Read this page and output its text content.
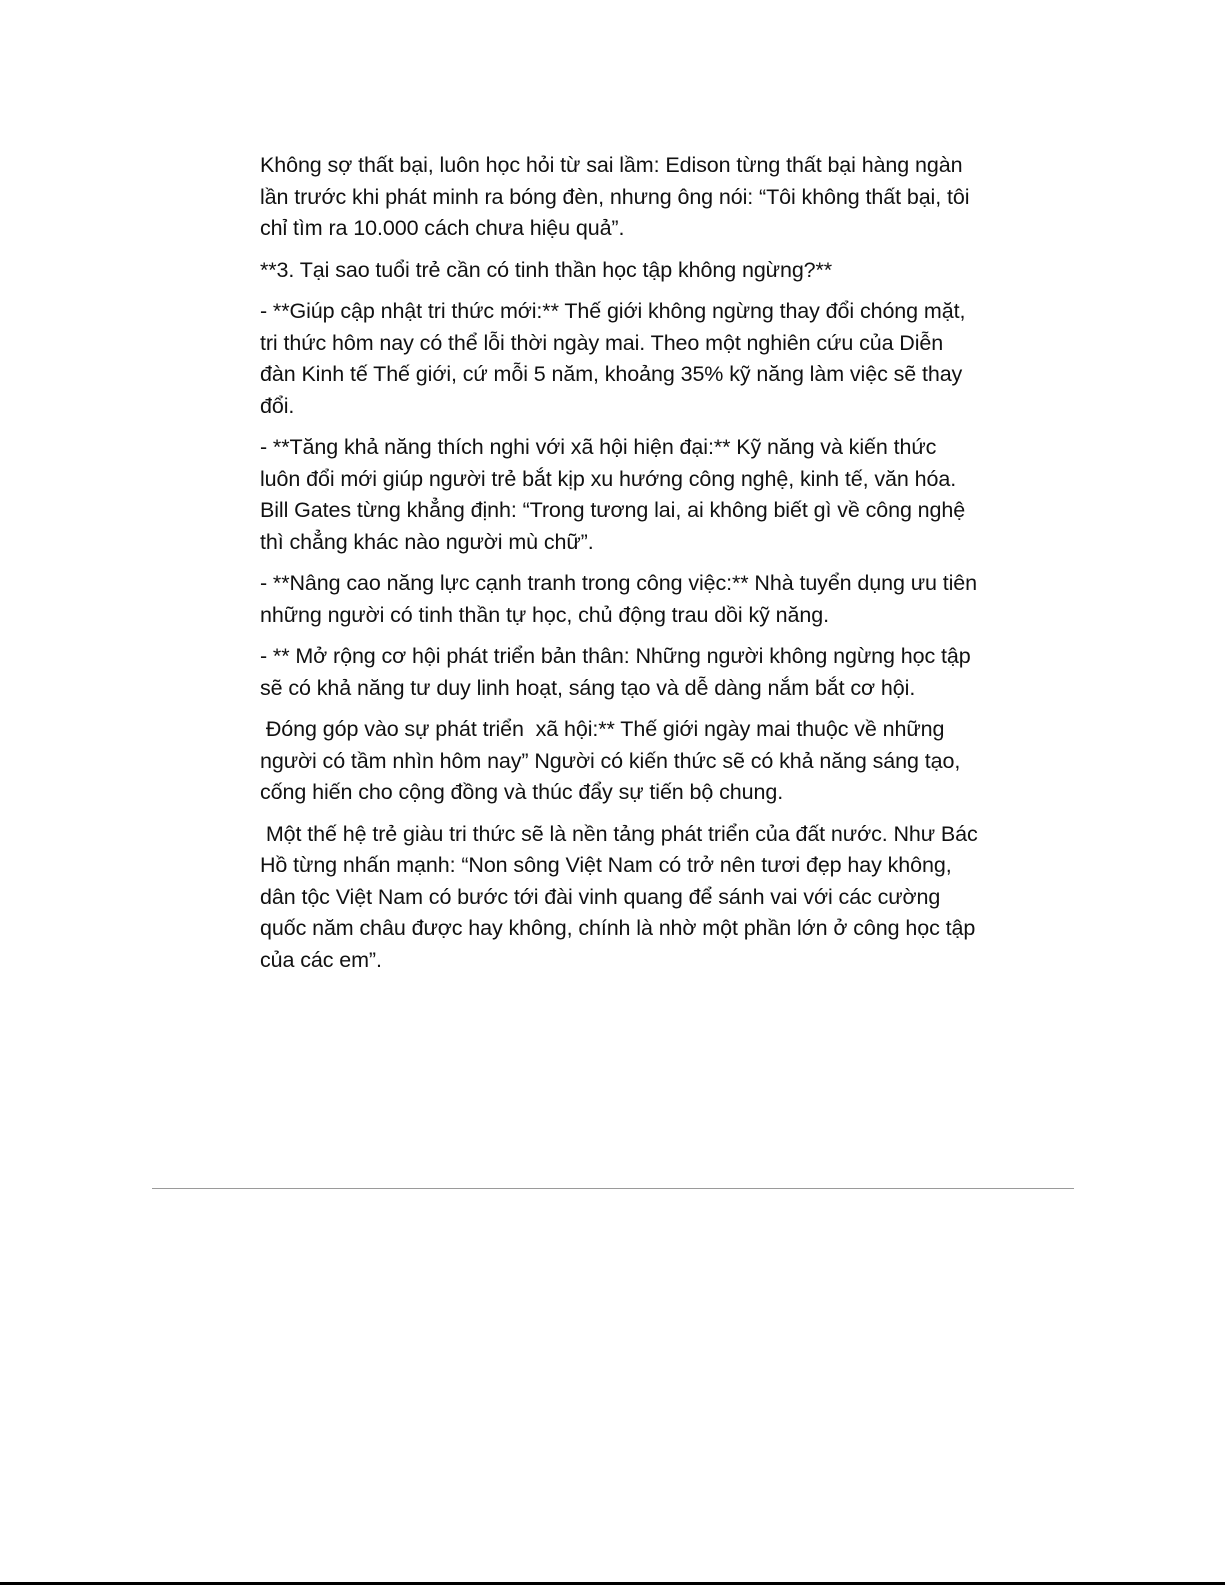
Không sợ thất bại, luôn học hỏi từ sai lầm: Edison từng thất bại hàng ngàn lần trước khi phát minh ra bóng đèn, nhưng ông nói: “Tôi không thất bại, tôi chỉ tìm ra 10.000 cách chưa hiệu quả”.

**3. Tại sao tuổi trẻ cần có tinh thần học tập không ngừng?**

- **Giúp cập nhật tri thức mới:** Thế giới không ngừng thay đổi chóng mặt, tri thức hôm nay có thể lỗi thời ngày mai. Theo một nghiên cứu của Diễn đàn Kinh tế Thế giới, cứ mỗi 5 năm, khoảng 35% kỹ năng làm việc sẽ thay đổi.

- **Tăng khả năng thích nghi với xã hội hiện đại:** Kỹ năng và kiến thức luôn đổi mới giúp người trẻ bắt kịp xu hướng công nghệ, kinh tế, văn hóa. Bill Gates từng khẳng định: “Trong tương lai, ai không biết gì về công nghệ thì chẳng khác nào người mù chữ”.

- **Nâng cao năng lực cạnh tranh trong công việc:** Nhà tuyển dụng ưu tiên những người có tinh thần tự học, chủ động trau dồi kỹ năng.

- ** Mở rộng cơ hội phát triển bản thân: Những người không ngừng học tập sẽ có khả năng tư duy linh hoạt, sáng tạo và dễ dàng nắm bắt cơ hội.

Đóng góp vào sự phát triển  xã hội:** Thế giới ngày mai thuộc về những người có tầm nhìn hôm nay” Người có kiến thức sẽ có khả năng sáng tạo, cống hiến cho cộng đồng và thúc đẩy sự tiến bộ chung.

Một thế hệ trẻ giàu tri thức sẽ là nền tảng phát triển của đất nước. Như Bác Hồ từng nhấn mạnh: “Non sông Việt Nam có trở nên tươi đẹp hay không, dân tộc Việt Nam có bước tới đài vinh quang để sánh vai với các cường quốc năm châu được hay không, chính là nhờ một phần lớn ở công học tập của các em”.
